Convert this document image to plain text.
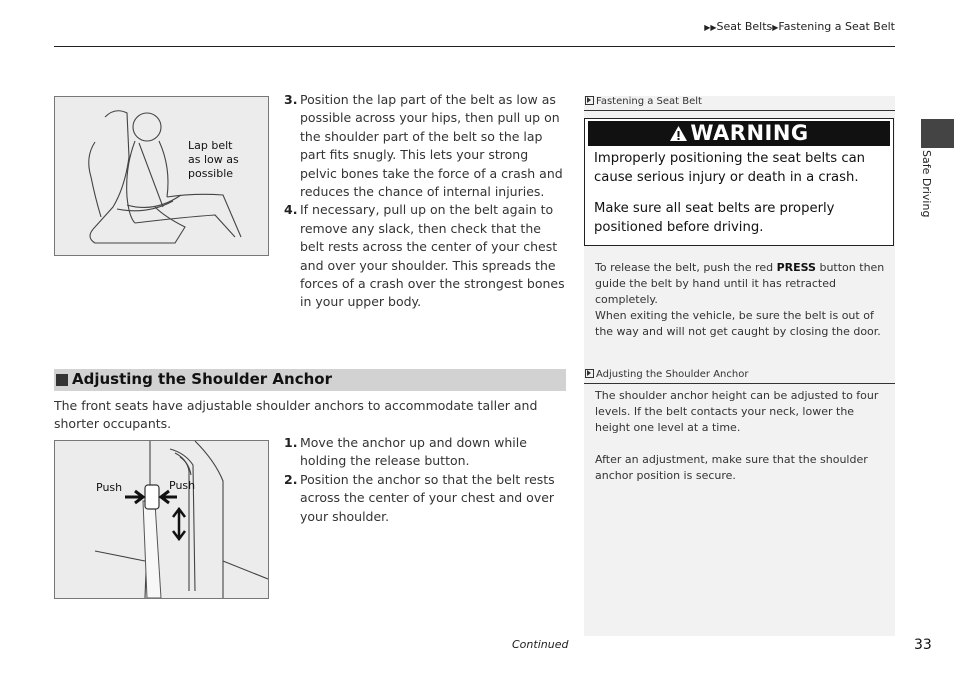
▶▶Seat Belts▶Fastening a Seat Belt
Lap belt
as low as
possible
3. Position the lap part of the belt as low as possible across your hips, then pull up on the shoulder part of the belt so the lap part fits snugly. This lets your strong pelvic bones take the force of a crash and reduces the chance of internal injuries.
4. If necessary, pull up on the belt again to remove any slack, then check that the belt rests across the center of your chest and over your shoulder. This spreads the forces of a crash over the strongest bones in your upper body.
Adjusting the Shoulder Anchor
The front seats have adjustable shoulder anchors to accommodate taller and shorter occupants.
Push	Push
1. Move the anchor up and down while holding the release button.
2. Position the anchor so that the belt rests across the center of your chest and over your shoulder.
Fastening a Seat Belt
WARNING
Improperly positioning the seat belts can cause serious injury or death in a crash.
Make sure all seat belts are properly positioned before driving.
To release the belt, push the red PRESS button then guide the belt by hand until it has retracted completely.
When exiting the vehicle, be sure the belt is out of the way and will not get caught by closing the door.
Adjusting the Shoulder Anchor
The shoulder anchor height can be adjusted to four levels. If the belt contacts your neck, lower the height one level at a time.
After an adjustment, make sure that the shoulder anchor position is secure.
Safe Driving
Continued	33
